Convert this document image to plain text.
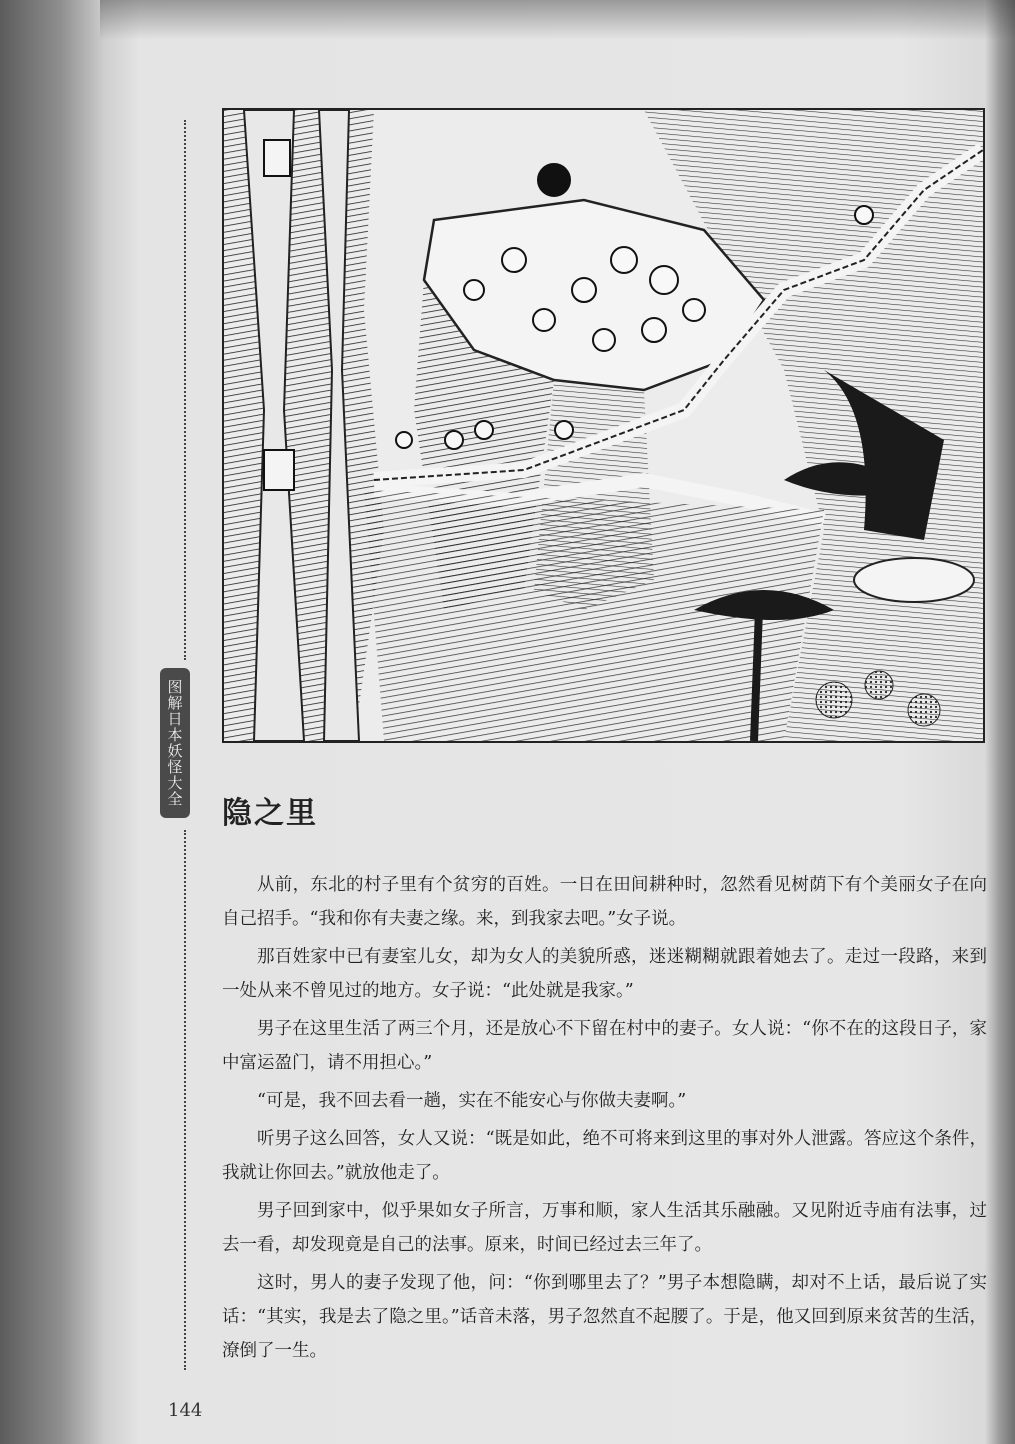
图解日本妖怪大全
隐之里

从前，东北的村子里有个贫穷的百姓。一日在田间耕种时，忽然看见树荫下有个美丽女子在向自己招手。“我和你有夫妻之缘。来，到我家去吧。”女子说。

那百姓家中已有妻室儿女，却为女人的美貌所惑，迷迷糊糊就跟着她去了。走过一段路，来到一处从来不曾见过的地方。女子说：“此处就是我家。”

男子在这里生活了两三个月，还是放心不下留在村中的妻子。女人说：“你不在的这段日子，家中富运盈门，请不用担心。”

“可是，我不回去看一趟，实在不能安心与你做夫妻啊。”

听男子这么回答，女人又说：“既是如此，绝不可将来到这里的事对外人泄露。答应这个条件，我就让你回去。”就放他走了。

男子回到家中，似乎果如女子所言，万事和顺，家人生活其乐融融。又见附近寺庙有法事，过去一看，却发现竟是自己的法事。原来，时间已经过去三年了。

这时，男人的妻子发现了他，问：“你到哪里去了？”男子本想隐瞒，却对不上话，最后说了实话：“其实，我是去了隐之里。”话音未落，男子忽然直不起腰了。于是，他又回到原来贫苦的生活，潦倒了一生。

144
